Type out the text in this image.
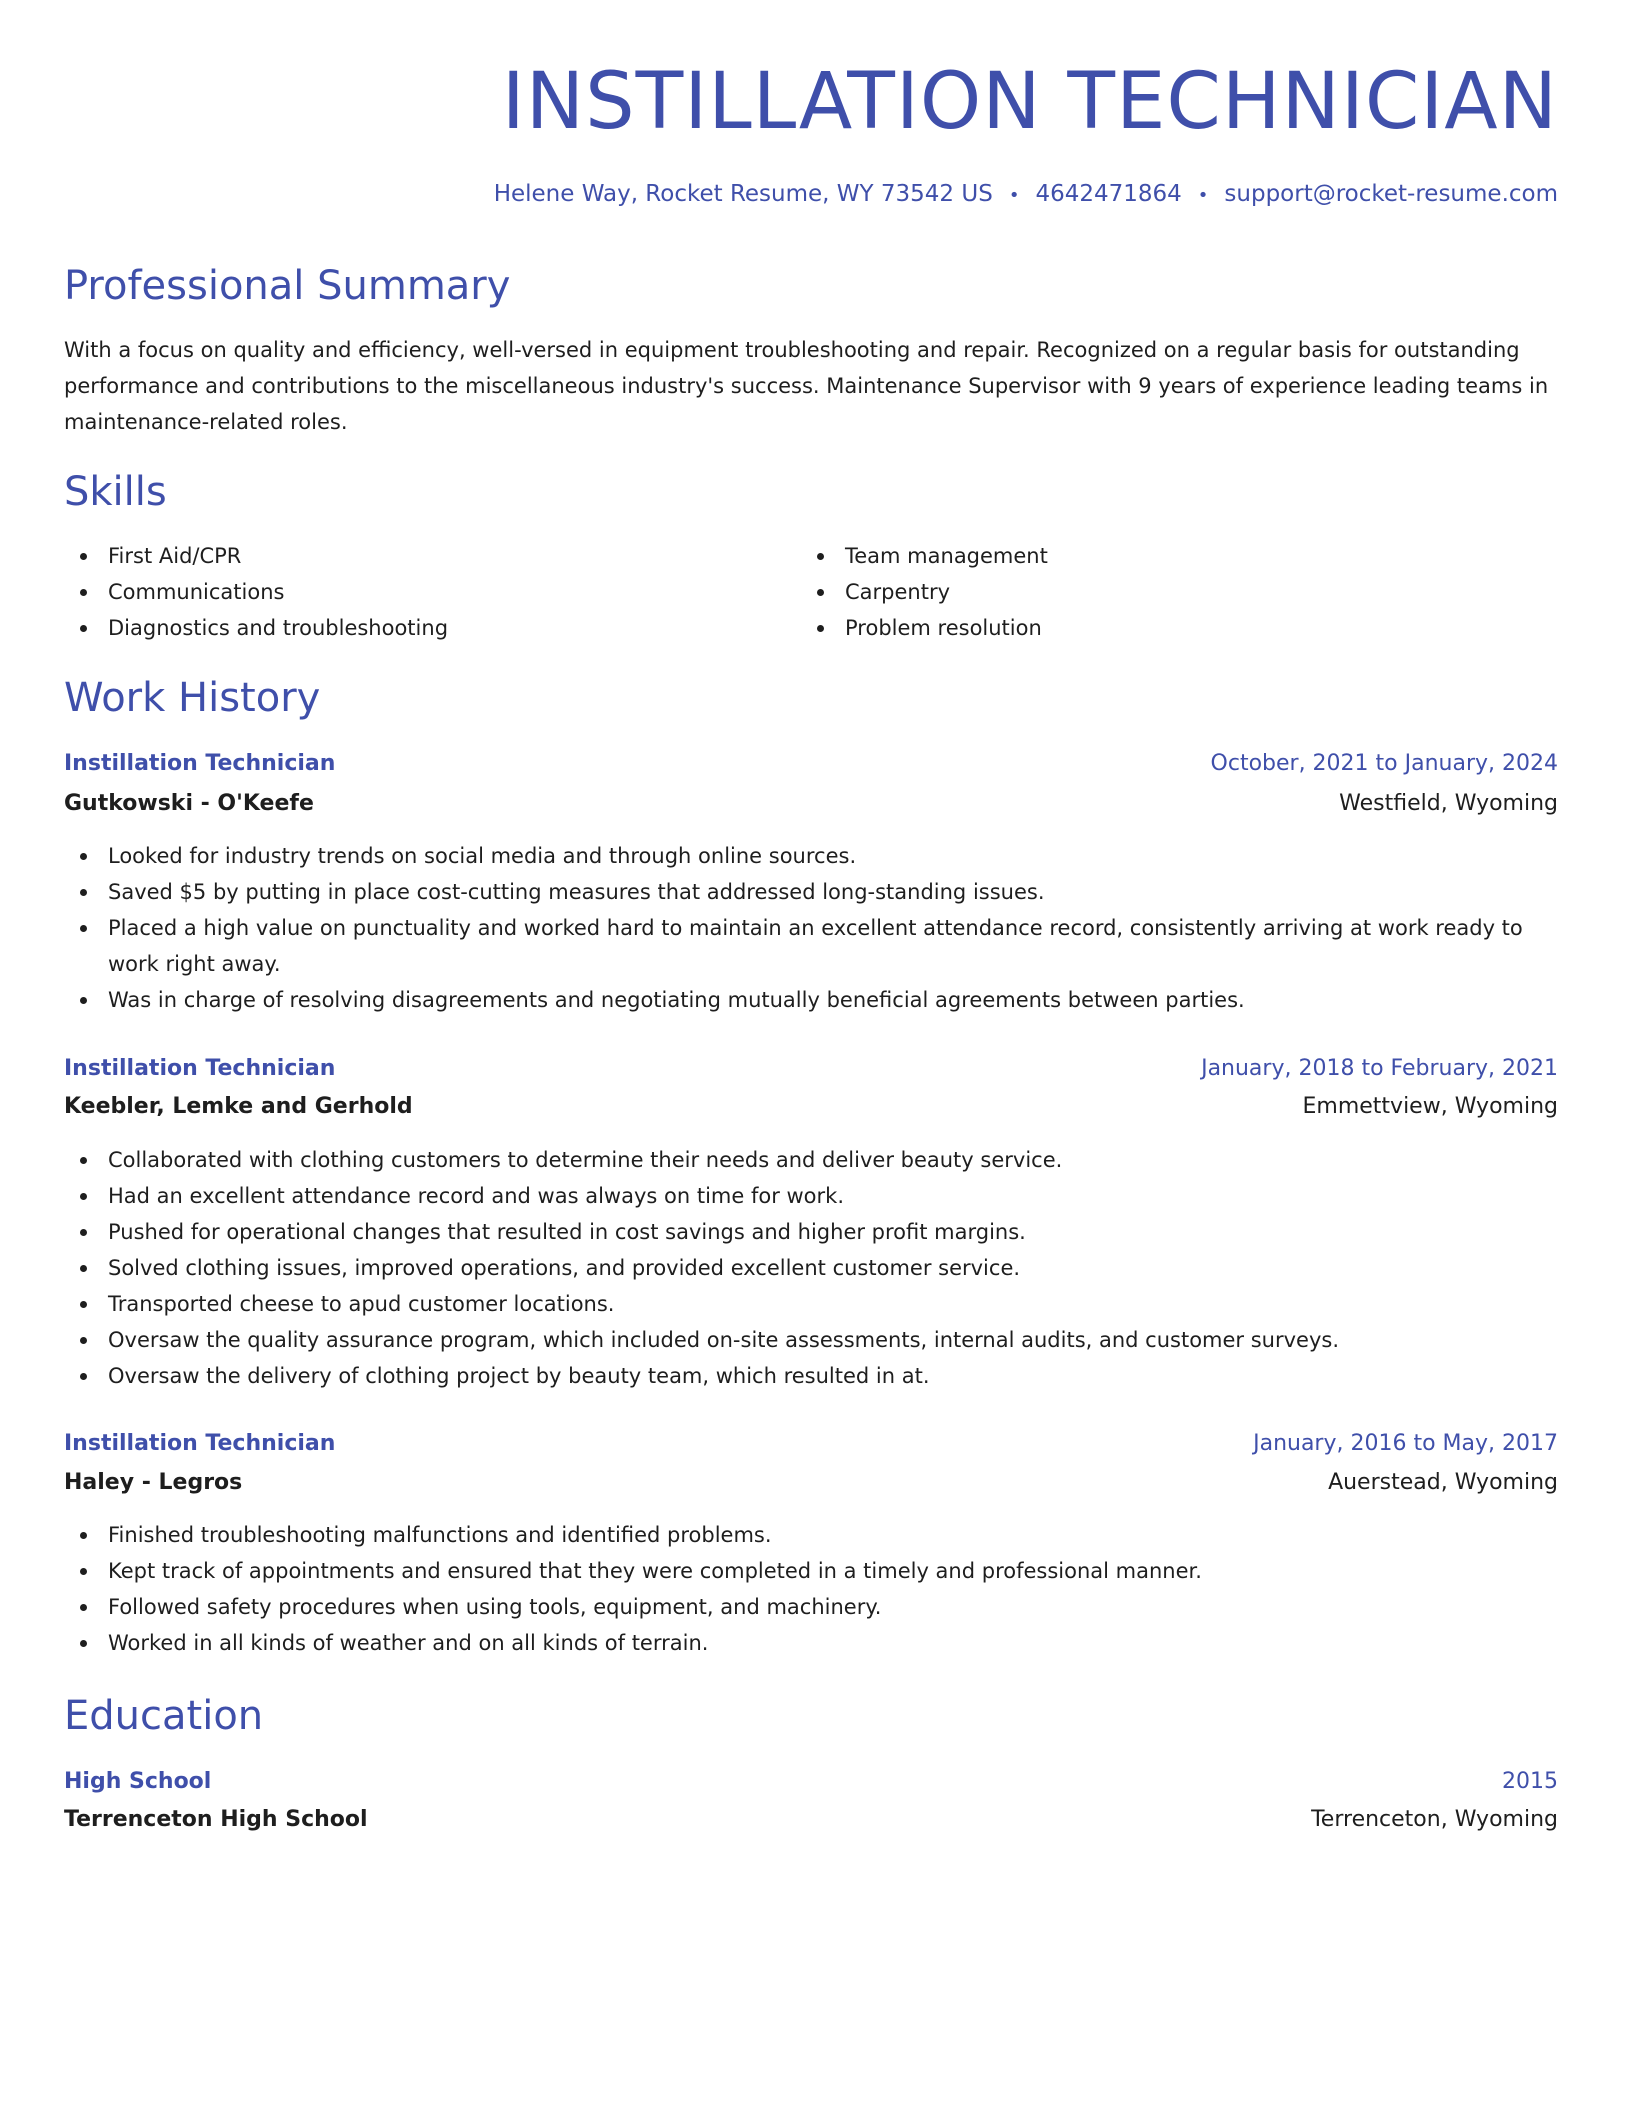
INSTILLATION TECHNICIAN
Helene Way, Rocket Resume, WY 73542 US • 4642471864 • support@rocket-resume.com
Professional Summary

With a focus on quality and efficiency, well-versed in equipment troubleshooting and repair. Recognized on a regular basis for outstanding performance and contributions to the miscellaneous industry's success. Maintenance Supervisor with 9 years of experience leading teams in maintenance-related roles.

Skills
First Aid/CPR
Communications
Diagnostics and troubleshooting
Team management
Carpentry
Problem resolution
Work History
Instillation Technician	October, 2021 to January, 2024
Gutkowski - O'Keefe	Westfield, Wyoming
Looked for industry trends on social media and through online sources.
Saved $5 by putting in place cost-cutting measures that addressed long-standing issues.
Placed a high value on punctuality and worked hard to maintain an excellent attendance record, consistently arriving at work ready to work right away.
Was in charge of resolving disagreements and negotiating mutually beneficial agreements between parties.
Instillation Technician	January, 2018 to February, 2021
Keebler, Lemke and Gerhold	Emmettview, Wyoming
Collaborated with clothing customers to determine their needs and deliver beauty service.
Had an excellent attendance record and was always on time for work.
Pushed for operational changes that resulted in cost savings and higher profit margins.
Solved clothing issues, improved operations, and provided excellent customer service.
Transported cheese to apud customer locations.
Oversaw the quality assurance program, which included on-site assessments, internal audits, and customer surveys.
Oversaw the delivery of clothing project by beauty team, which resulted in at.
Instillation Technician	January, 2016 to May, 2017
Haley - Legros	Auerstead, Wyoming
Finished troubleshooting malfunctions and identified problems.
Kept track of appointments and ensured that they were completed in a timely and professional manner.
Followed safety procedures when using tools, equipment, and machinery.
Worked in all kinds of weather and on all kinds of terrain.
Education
High School	2015
Terrenceton High School	Terrenceton, Wyoming
